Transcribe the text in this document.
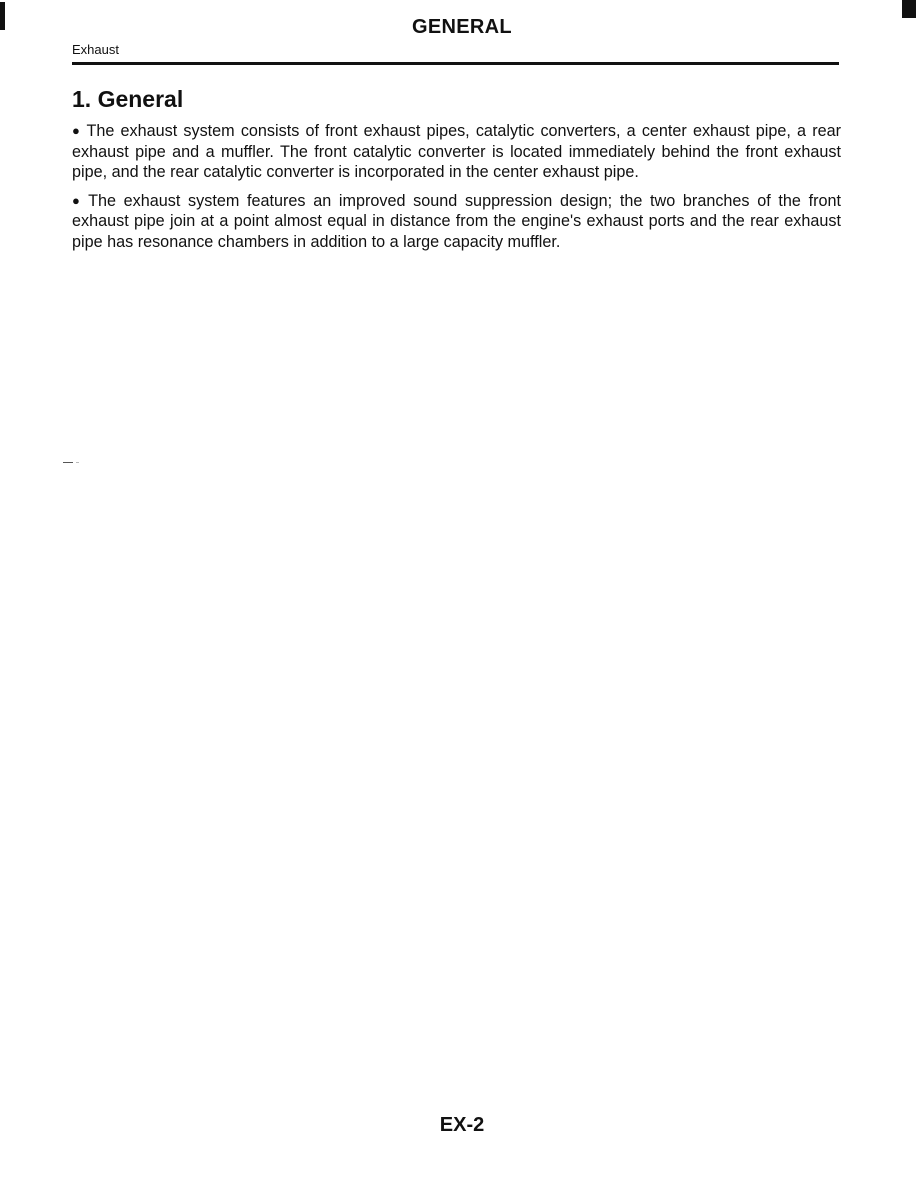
GENERAL
Exhaust
1. General

● The exhaust system consists of front exhaust pipes, catalytic converters, a center exhaust pipe, a rear exhaust pipe and a muffler. The front catalytic converter is located immediately behind the front exhaust pipe, and the rear catalytic converter is incorporated in the center exhaust pipe.

● The exhaust system features an improved sound suppression design; the two branches of the front exhaust pipe join at a point almost equal in distance from the engine's exhaust ports and the rear exhaust pipe has resonance chambers in addition to a large capacity muffler.

EX-2
